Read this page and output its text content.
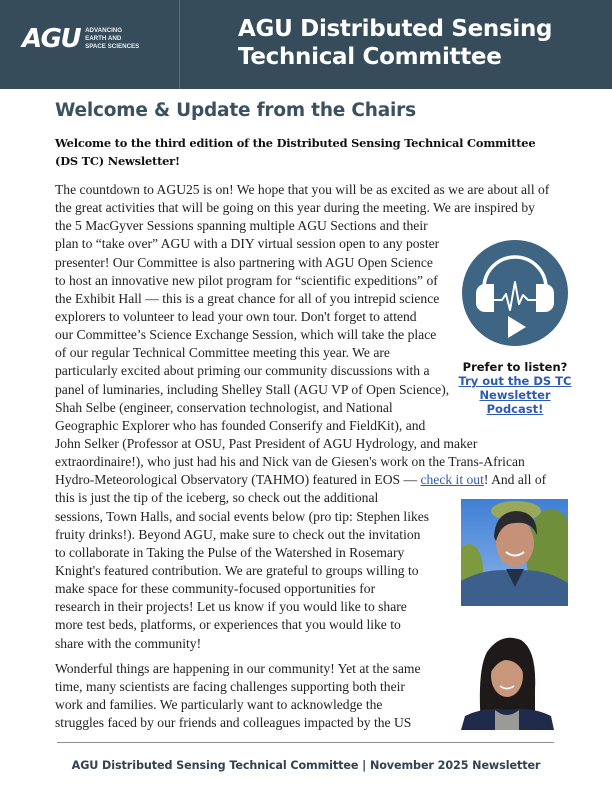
AGU ADVANCING
EARTH AND
SPACE SCIENCES
AGU Distributed Sensing
Technical Committee
Welcome & Update from the Chairs
Welcome to the third edition of the Distributed Sensing Technical Committee (DS TC) Newsletter!
The countdown to AGU25 is on! We hope that you will be as excited as we are about all of
the great activities that will be going on this year during the meeting. We are inspired by
the 5 MacGyver Sessions spanning multiple AGU Sections and their
plan to “take over” AGU with a DIY virtual session open to any poster
presenter! Our Committee is also partnering with AGU Open Science
to host an innovative new pilot program for “scientific expeditions” of
the Exhibit Hall — this is a great chance for all of you intrepid science
explorers to volunteer to lead your own tour. Don't forget to attend
our Committee’s Science Exchange Session, which will take the place
of our regular Technical Committee meeting this year. We are
particularly excited about priming our community discussions with a
panel of luminaries, including Shelley Stall (AGU VP of Open Science),
Shah Selbe (engineer, conservation technologist, and National
Geographic Explorer who has founded Conserify and FieldKit), and
John Selker (Professor at OSU, Past President of AGU Hydrology, and maker
extraordinaire!), who just had his and Nick van de Giesen's work on the Trans-African
Hydro-Meteorological Observatory (TAHMO) featured in EOS — check it out! And all of
this is just the tip of the iceberg, so check out the additional
sessions, Town Halls, and social events below (pro tip: Stephen likes
fruity drinks!). Beyond AGU, make sure to check out the invitation
to collaborate in Taking the Pulse of the Watershed in Rosemary
Knight's featured contribution. We are grateful to groups willing to
make space for these community-focused opportunities for
research in their projects! Let us know if you would like to share
more test beds, platforms, or experiences that you would like to
share with the community!
Wonderful things are happening in our community! Yet at the same
time, many scientists are facing challenges supporting both their
work and families. We particularly want to acknowledge the
struggles faced by our friends and colleagues impacted by the US
Prefer to listen?
Try out the DS TC
Newsletter
Podcast!
AGU Distributed Sensing Technical Committee | November 2025 Newsletter
